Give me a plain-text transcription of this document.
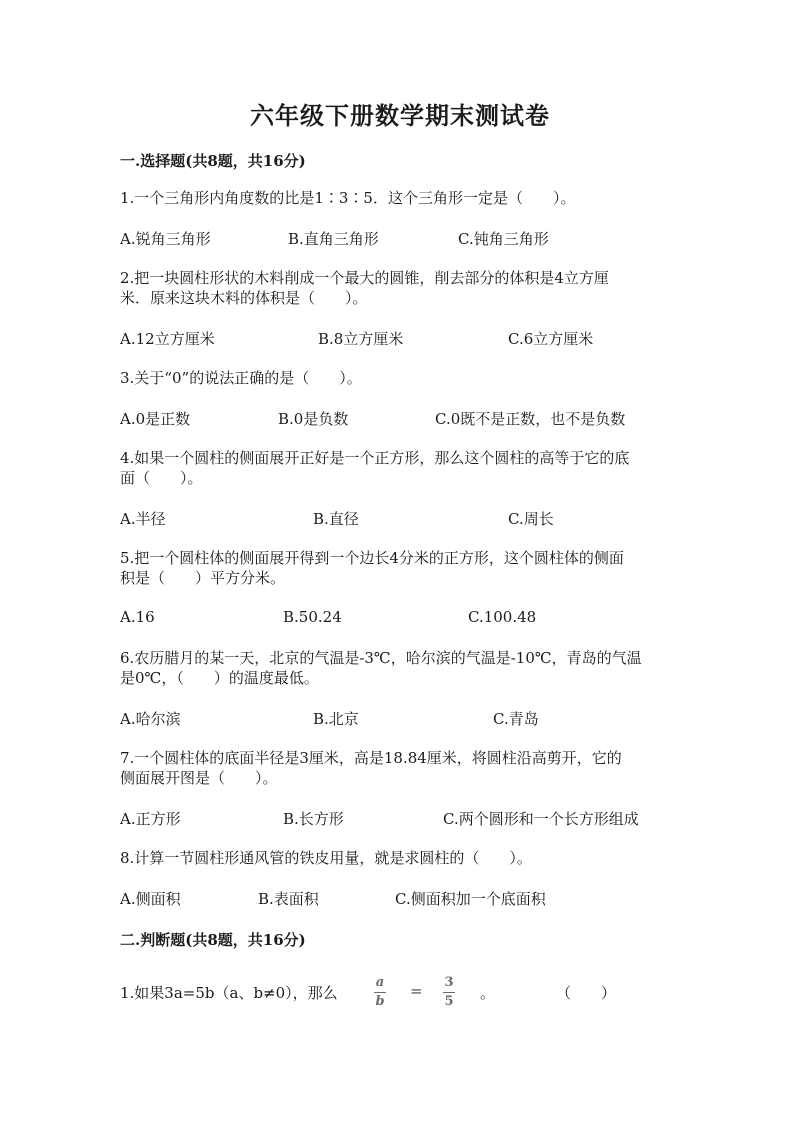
六年级下册数学期末测试卷
一.选择题(共8题，共16分)
1.一个三角形内角度数的比是1∶3∶5．这个三角形一定是（　　）。
A.锐角三角形	B.直角三角形	C.钝角三角形
2.把一块圆柱形状的木料削成一个最大的圆锥，削去部分的体积是4立方厘
米．原来这块木料的体积是（　　）。
A.12立方厘米	B.8立方厘米	C.6立方厘米
3.关于“0”的说法正确的是（　　）。
A.0是正数	B.0是负数	C.0既不是正数，也不是负数
4.如果一个圆柱的侧面展开正好是一个正方形，那么这个圆柱的高等于它的底
面（　　）。
A.半径	B.直径	C.周长
5.把一个圆柱体的侧面展开得到一个边长4分米的正方形，这个圆柱体的侧面
积是（　　）平方分米。
A.16	B.50.24	C.100.48
6.农历腊月的某一天，北京的气温是-3℃，哈尔滨的气温是-10℃，青岛的气温
是0℃，（　　）的温度最低。
A.哈尔滨	B.北京	C.青岛
7.一个圆柱体的底面半径是3厘米，高是18.84厘米，将圆柱沿高剪开，它的
侧面展开图是（　　）。
A.正方形	B.长方形	C.两个圆形和一个长方形组成
8.计算一节圆柱形通风管的铁皮用量，就是求圆柱的（　　）。
A.侧面积	B.表面积	C.侧面积加一个底面积
二.判断题(共8题，共16分)
1.如果3a=5b（a、b≠0），那么
a
b
= 3
5 。	（　　）
